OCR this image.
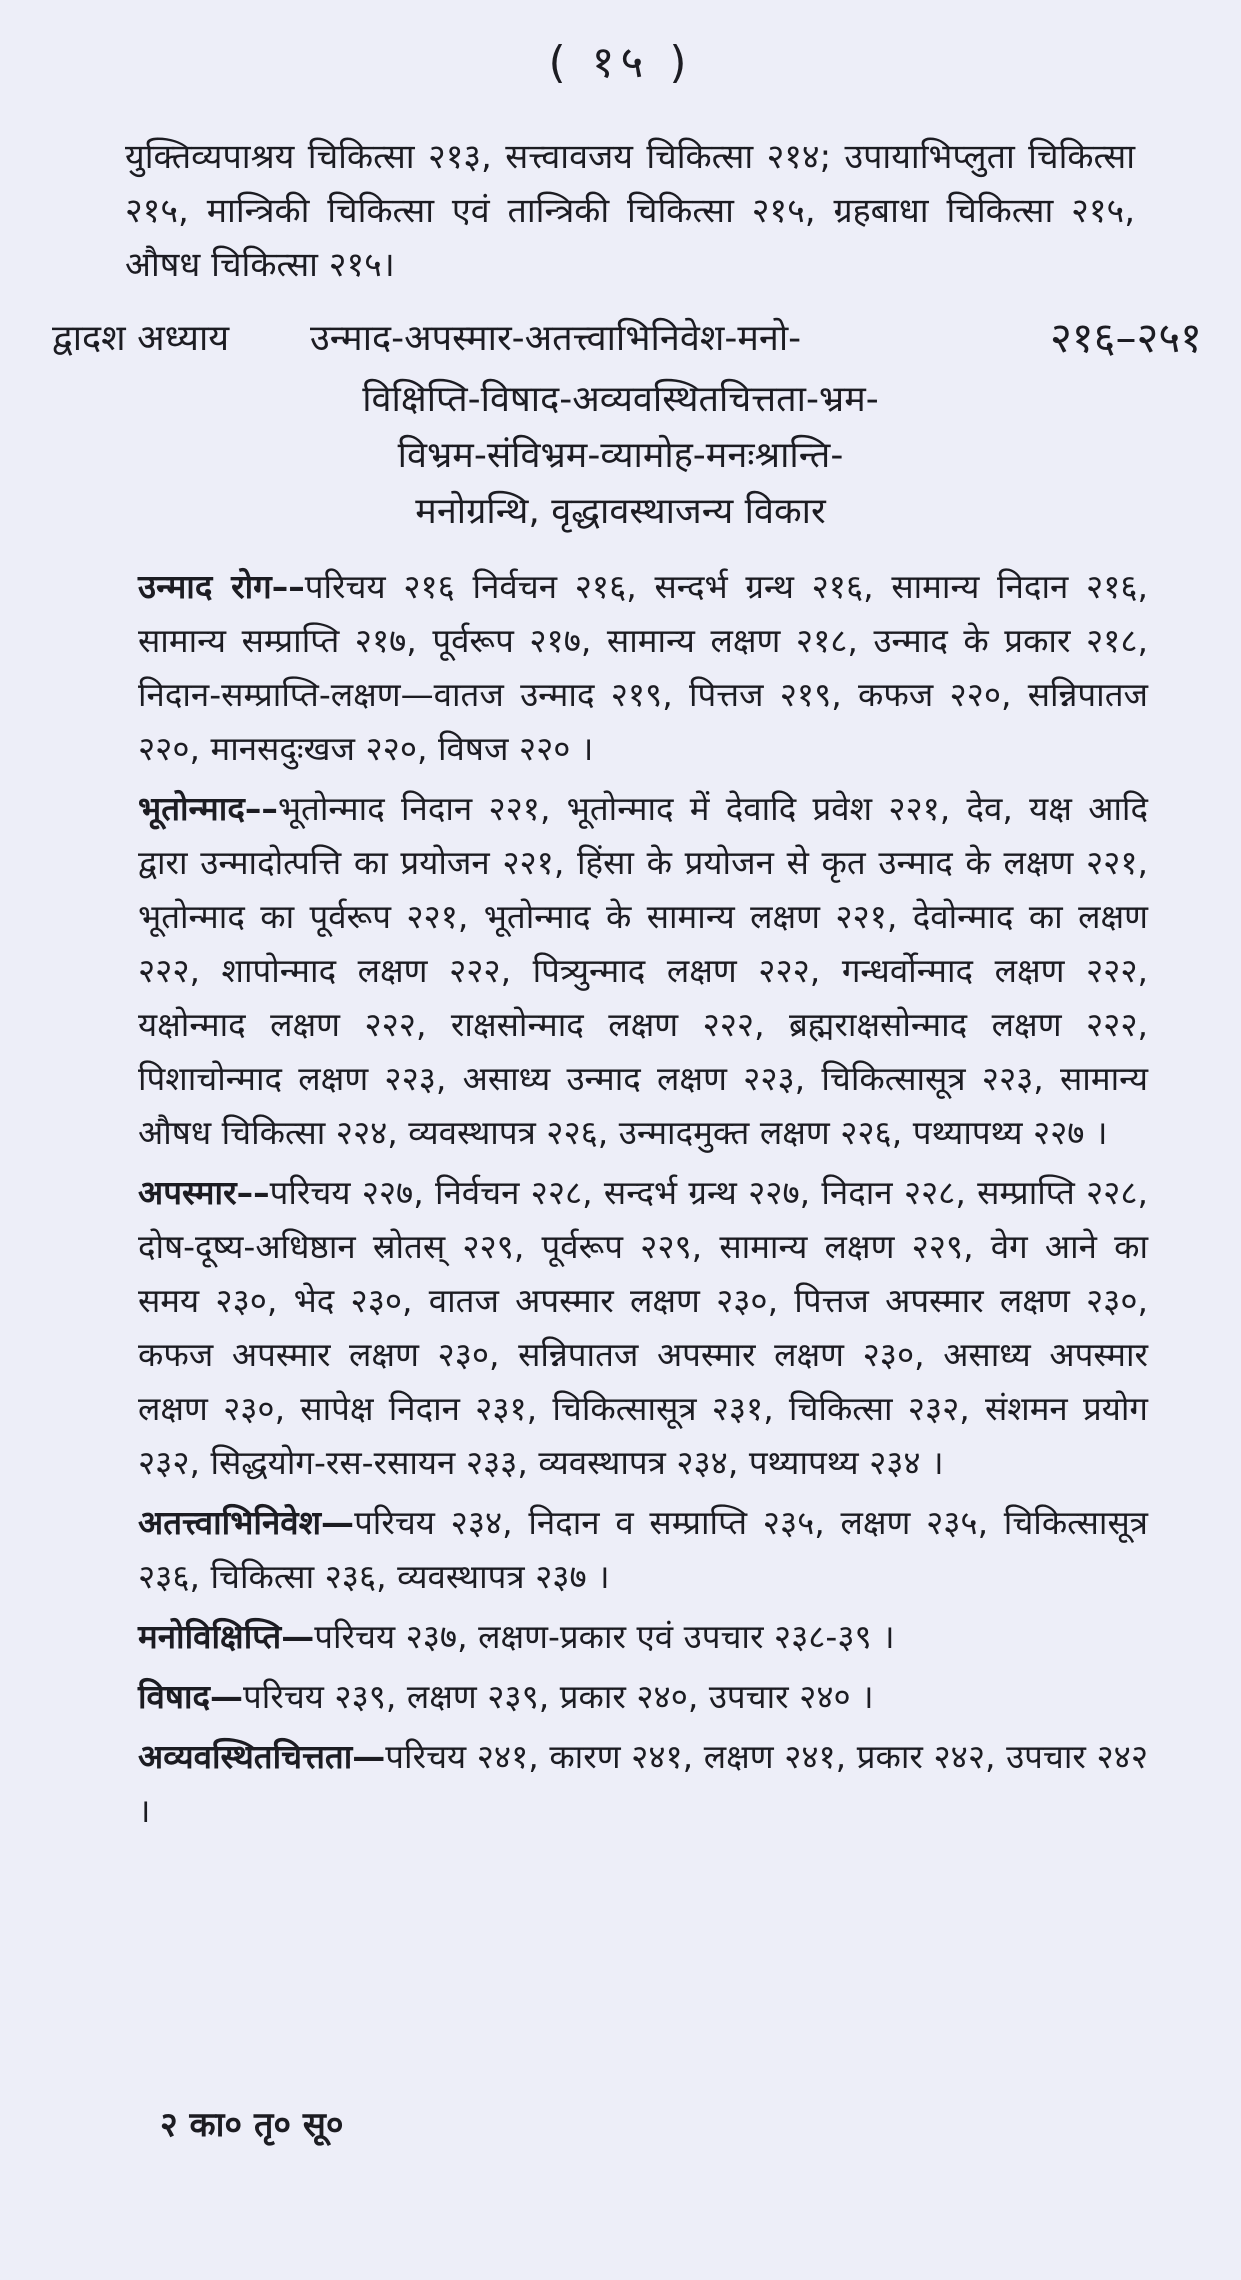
( १५ )
युक्तिव्यपाश्रय चिकित्सा २१३, सत्त्वावजय चिकित्सा २१४; उपायाभिप्लुता चिकित्सा २१५, मान्त्रिकी चिकित्सा एवं तान्त्रिकी चिकित्सा २१५, ग्रहबाधा चिकित्सा २१५, औषध चिकित्सा २१५।
द्वादश अध्याय उन्माद-अपस्मार-अतत्त्वाभिनिवेश-मनो-	२१६–२५१
विक्षिप्ति-विषाद-अव्यवस्थितचित्तता-भ्रम-
विभ्रम-संविभ्रम-व्यामोह-मनःश्रान्ति-
मनोग्रन्थि, वृद्धावस्थाजन्य विकार

उन्माद रोग––परिचय २१६ निर्वचन २१६, सन्दर्भ ग्रन्थ २१६, सामान्य निदान २१६, सामान्य सम्प्राप्ति २१७, पूर्वरूप २१७, सामान्य लक्षण २१८, उन्माद के प्रकार २१८, निदान-सम्प्राप्ति-लक्षण—वातज उन्माद २१९, पित्तज २१९, कफज २२०, सन्निपातज २२०, मानसदुःखज २२०, विषज २२० ।

भूतोन्माद––भूतोन्माद निदान २२१, भूतोन्माद में देवादि प्रवेश २२१, देव, यक्ष आदि द्वारा उन्मादोत्पत्ति का प्रयोजन २२१, हिंसा के प्रयोजन से कृत उन्माद के लक्षण २२१, भूतोन्माद का पूर्वरूप २२१, भूतोन्माद के सामान्य लक्षण २२१, देवोन्माद का लक्षण २२२, शापोन्माद लक्षण २२२, पित्र्युन्माद लक्षण २२२, गन्धर्वोन्माद लक्षण २२२, यक्षोन्माद लक्षण २२२, राक्षसोन्माद लक्षण २२२, ब्रह्मराक्षसोन्माद लक्षण २२२, पिशाचोन्माद लक्षण २२३, असाध्य उन्माद लक्षण २२३, चिकित्सासूत्र २२३, सामान्य औषध चिकित्सा २२४, व्यवस्थापत्र २२६, उन्मादमुक्त लक्षण २२६, पथ्यापथ्य २२७ ।

अपस्मार––परिचय २२७, निर्वचन २२८, सन्दर्भ ग्रन्थ २२७, निदान २२८, सम्प्राप्ति २२८, दोष-दूष्य-अधिष्ठान स्रोतस् २२९, पूर्वरूप २२९, सामान्य लक्षण २२९, वेग आने का समय २३०, भेद २३०, वातज अपस्मार लक्षण २३०, पित्तज अपस्मार लक्षण २३०, कफज अपस्मार लक्षण २३०, सन्निपातज अपस्मार लक्षण २३०, असाध्य अपस्मार लक्षण २३०, सापेक्ष निदान २३१, चिकित्सासूत्र २३१, चिकित्सा २३२, संशमन प्रयोग २३२, सिद्धयोग-रस-रसायन २३३, व्यवस्थापत्र २३४, पथ्यापथ्य २३४ ।

अतत्त्वाभिनिवेश—परिचय २३४, निदान व सम्प्राप्ति २३५, लक्षण २३५, चिकित्सासूत्र २३६, चिकित्सा २३६, व्यवस्थापत्र २३७ ।

मनोविक्षिप्ति—परिचय २३७, लक्षण-प्रकार एवं उपचार २३८-३९ ।

विषाद—परिचय २३९, लक्षण २३९, प्रकार २४०, उपचार २४० ।

अव्यवस्थितचित्तता—परिचय २४१, कारण २४१, लक्षण २४१, प्रकार २४२, उपचार २४२ ।

२ का० तृ० सू०
